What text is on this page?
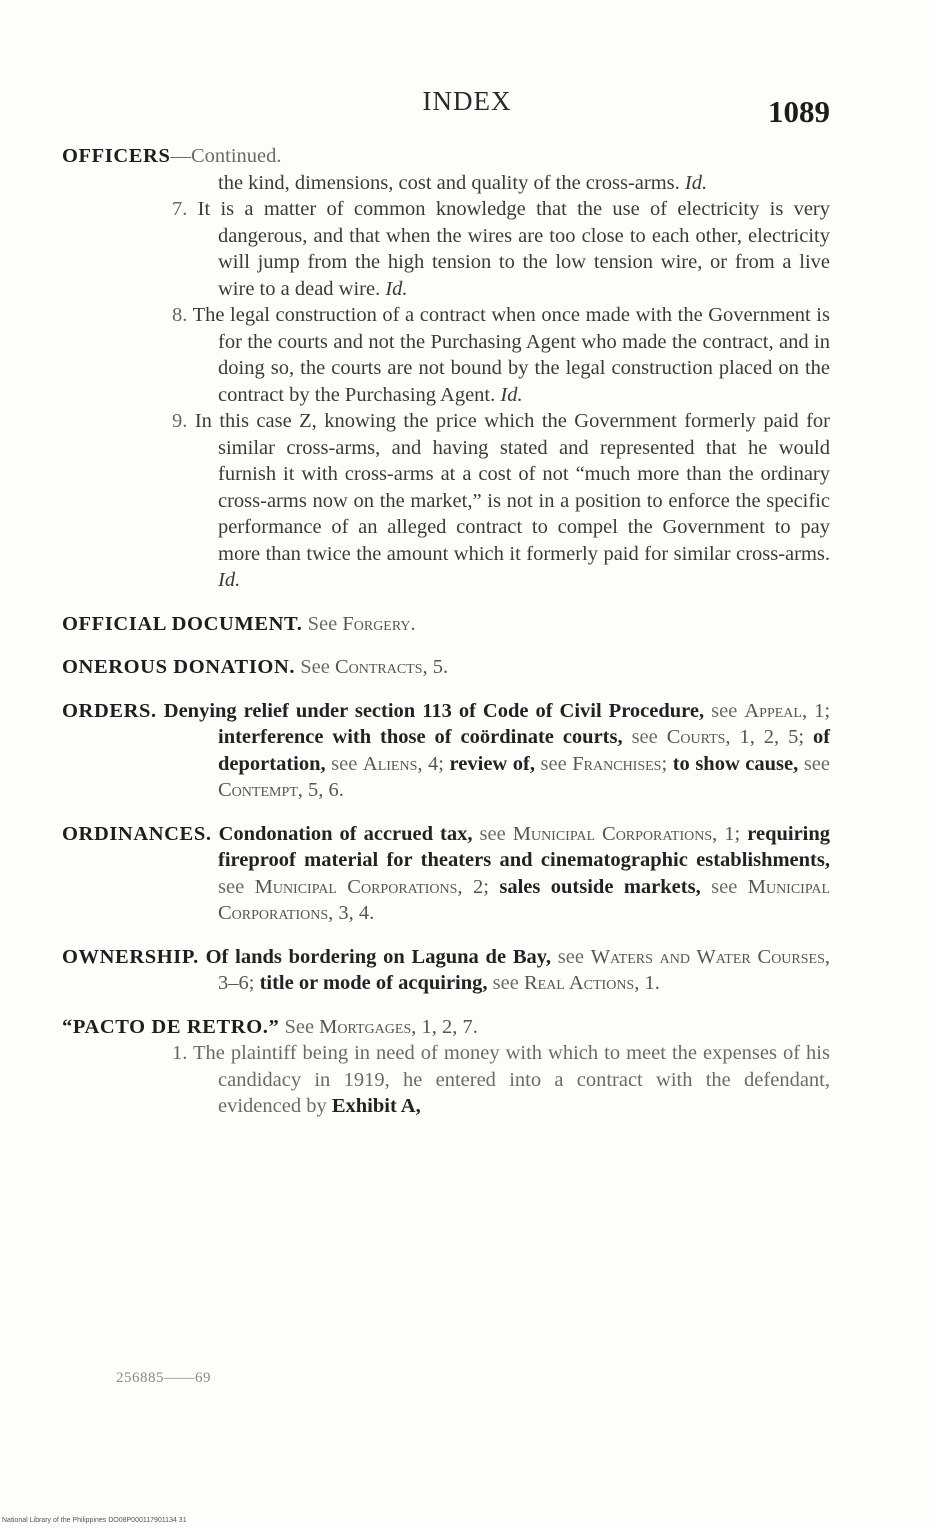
INDEX	1089
OFFICERS—Continued.
the kind, dimensions, cost and quality of the cross-arms. Id.

7. It is a matter of common knowledge that the use of electricity is very dangerous, and that when the wires are too close to each other, electricity will jump from the high tension to the low tension wire, or from a live wire to a dead wire. Id.

8. The legal construction of a contract when once made with the Government is for the courts and not the Purchasing Agent who made the contract, and in doing so, the courts are not bound by the legal construction placed on the contract by the Purchasing Agent. Id.

9. In this case Z, knowing the price which the Government formerly paid for similar cross-arms, and having stated and represented that he would furnish it with cross-arms at a cost of not “much more than the ordinary cross-arms now on the market,” is not in a position to enforce the specific performance of an alleged contract to compel the Government to pay more than twice the amount which it formerly paid for similar cross-arms. Id.

OFFICIAL DOCUMENT. See Forgery.
ONEROUS DONATION. See Contracts, 5.
ORDERS. Denying relief under section 113 of Code of Civil Procedure, see Appeal, 1; interference with those of coördinate courts, see Courts, 1, 2, 5; of deportation, see Aliens, 4; review of, see Franchises; to show cause, see Contempt, 5, 6.
ORDINANCES. Condonation of accrued tax, see Municipal Corporations, 1; requiring fireproof material for theaters and cinematographic establishments, see Municipal Corporations, 2; sales outside markets, see Municipal Corporations, 3, 4.
OWNERSHIP. Of lands bordering on Laguna de Bay, see Waters and Water Courses, 3–6; title or mode of acquiring, see Real Actions, 1.
“PACTO DE RETRO.” See Mortgages, 1, 2, 7.

1. The plaintiff being in need of money with which to meet the expenses of his candidacy in 1919, he entered into a contract with the defendant, evidenced by Exhibit A,

256885——69
National Library of the Philippines DO08P000117901134 31
